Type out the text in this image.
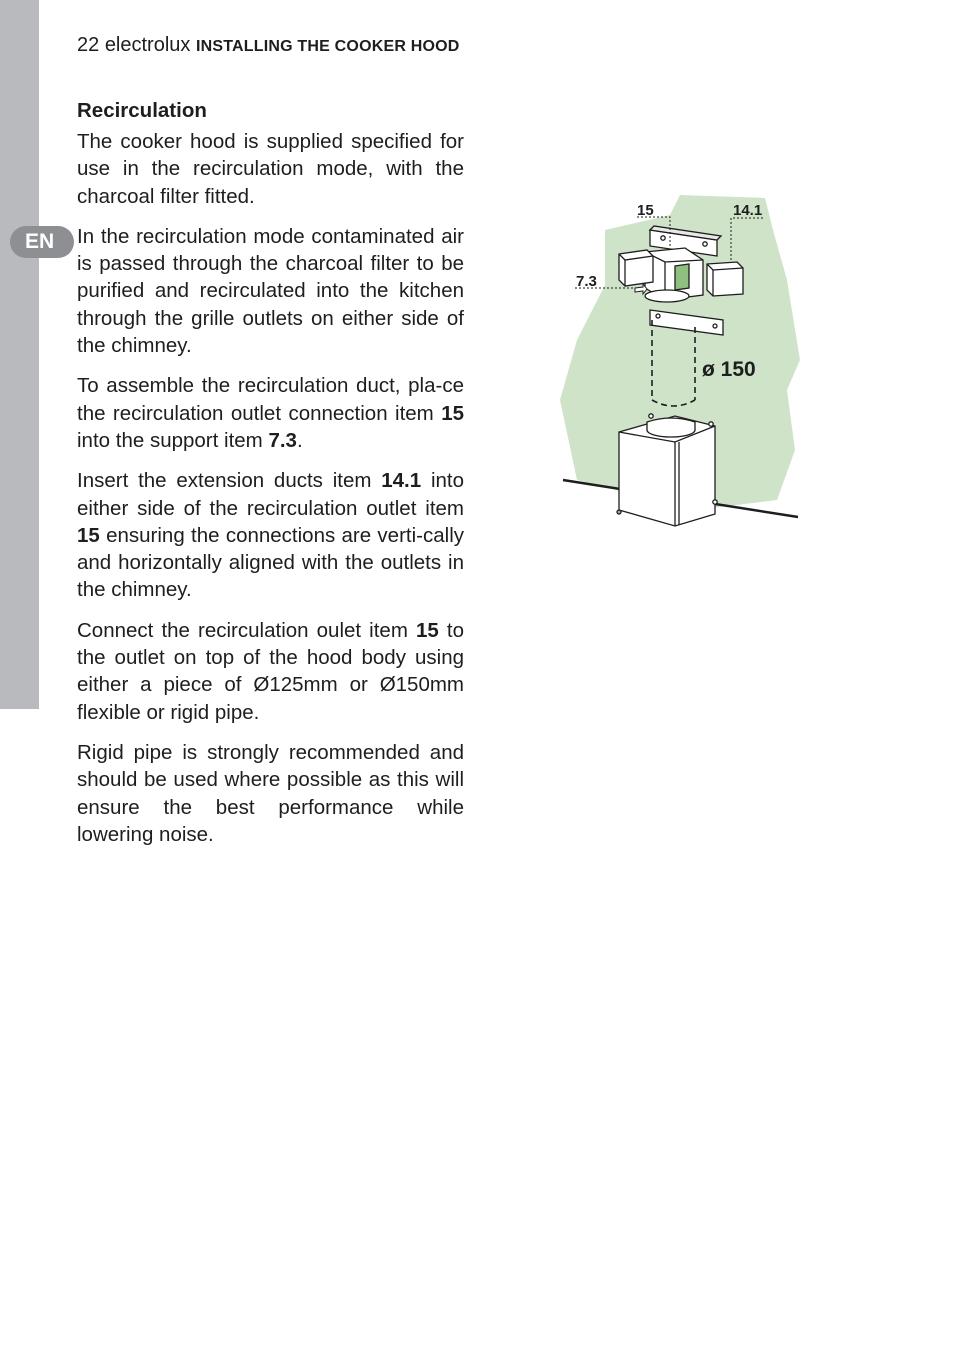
EN
22 electrolux INSTALLING THE COOKER HOOD
Recirculation

The cooker hood is supplied specified for use in the recirculation mode, with the charcoal filter fitted.

In the recirculation mode contaminated air is passed through the charcoal filter to be purified and recirculated into the kitchen through the grille outlets on either side of the chimney.

To assemble the recirculation duct, pla-ce the recirculation outlet connection item 15 into the support item 7.3.

Insert the extension ducts item 14.1 into either side of the recirculation outlet item 15 ensuring the connections are verti-cally and horizontally aligned with the outlets in the chimney.

Connect the recirculation oulet item 15 to the outlet on top of the hood body using either a piece of Ø125mm or Ø150mm flexible or rigid pipe.

Rigid pipe is strongly recommended and should be used where possible as this will ensure the best performance while lowering noise.

15	14.1
7.3
ø 150
